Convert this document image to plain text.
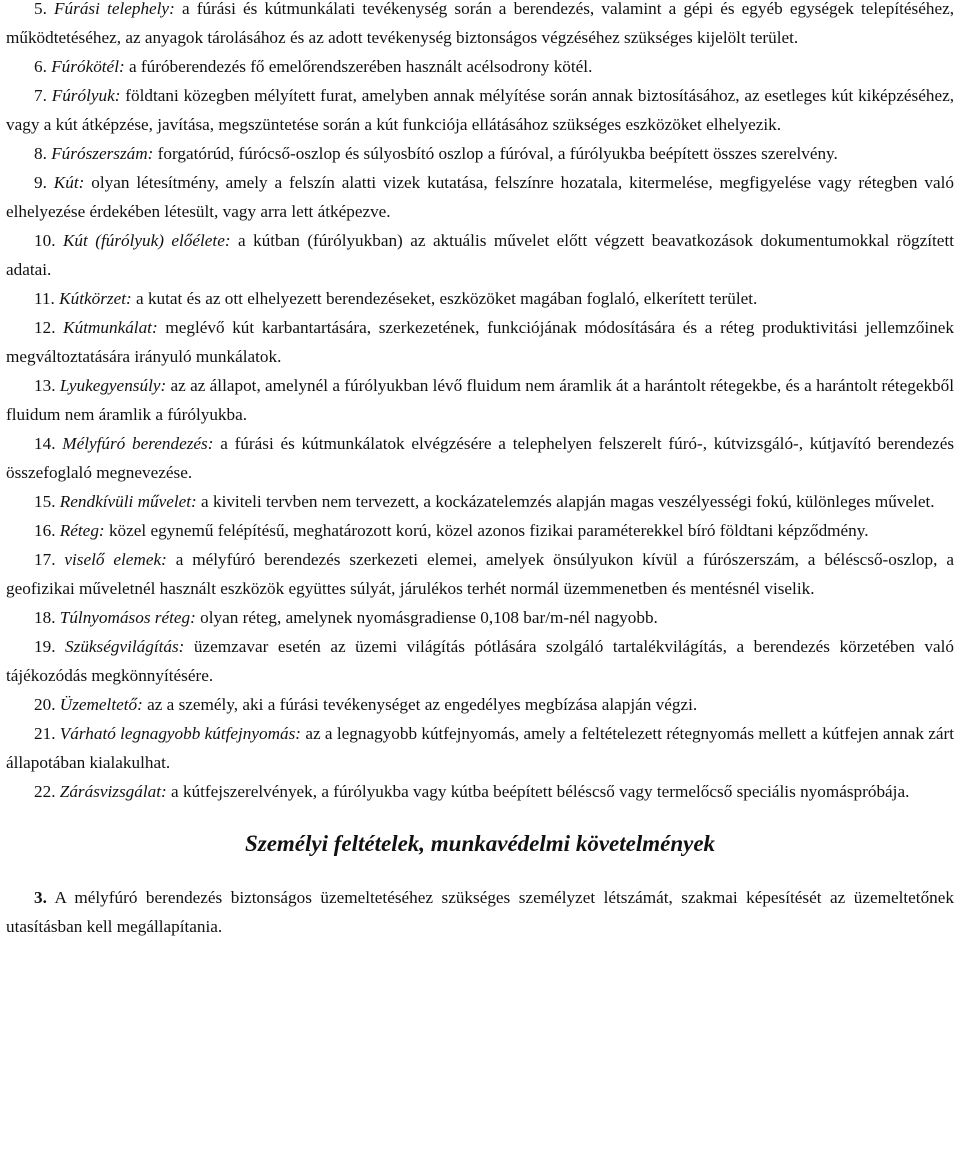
5. Fúrási telephely: a fúrási és kútmunkálati tevékenység során a berendezés, valamint a gépi és egyéb egységek telepítéséhez, működtetéséhez, az anyagok tárolásához és az adott tevékenység biztonságos végzéséhez szükséges kijelölt terület.

6. Fúrókötél: a fúróberendezés fő emelőrendszerében használt acélsodrony kötél.

7. Fúrólyuk: földtani közegben mélyített furat, amelyben annak mélyítése során annak biztosításához, az esetleges kút kiképzéséhez, vagy a kút átképzése, javítása, megszüntetése során a kút funkciója ellátásához szükséges eszközöket elhelyezik.

8. Fúrószerszám: forgatórúd, fúrócső-oszlop és súlyosbító oszlop a fúróval, a fúrólyukba beépített összes szerelvény.

9. Kút: olyan létesítmény, amely a felszín alatti vizek kutatása, felszínre hozatala, kitermelése, megfigyelése vagy rétegben való elhelyezése érdekében létesült, vagy arra lett átképezve.

10. Kút (fúrólyuk) előélete: a kútban (fúrólyukban) az aktuális művelet előtt végzett beavatkozások dokumentumokkal rögzített adatai.

11. Kútkörzet: a kutat és az ott elhelyezett berendezéseket, eszközöket magában foglaló, elkerített terület.

12. Kútmunkálat: meglévő kút karbantartására, szerkezetének, funkciójának módosítására és a réteg produktivitási jellemzőinek megváltoztatására irányuló munkálatok.

13. Lyukegyensúly: az az állapot, amelynél a fúrólyukban lévő fluidum nem áramlik át a harántolt rétegekbe, és a harántolt rétegekből fluidum nem áramlik a fúrólyukba.

14. Mélyfúró berendezés: a fúrási és kútmunkálatok elvégzésére a telephelyen felszerelt fúró-, kútvizsgáló-, kútjavító berendezés összefoglaló megnevezése.

15. Rendkívüli művelet: a kiviteli tervben nem tervezett, a kockázatelemzés alapján magas veszélyességi fokú, különleges művelet.

16. Réteg: közel egynemű felépítésű, meghatározott korú, közel azonos fizikai paraméterekkel bíró földtani képződmény.

17. viselő elemek: a mélyfúró berendezés szerkezeti elemei, amelyek önsúlyukon kívül a fúrószerszám, a béléscső-oszlop, a geofizikai műveletnél használt eszközök együttes súlyát, járulékos terhét normál üzemmenetben és mentésnél viselik.

18. Túlnyomásos réteg: olyan réteg, amelynek nyomásgradiense 0,108 bar/m-nél nagyobb.

19. Szükségvilágítás: üzemzavar esetén az üzemi világítás pótlására szolgáló tartalékvilágítás, a berendezés körzetében való tájékozódás megkönnyítésére.

20. Üzemeltető: az a személy, aki a fúrási tevékenységet az engedélyes megbízása alapján végzi.

21. Várható legnagyobb kútfejnyomás: az a legnagyobb kútfejnyomás, amely a feltételezett rétegnyomás mellett a kútfejen annak zárt állapotában kialakulhat.

22. Zárásvizsgálat: a kútfejszerelvények, a fúrólyukba vagy kútba beépített béléscső vagy termelőcső speciális nyomáspróbája.

Személyi feltételek, munkavédelmi követelmények

3. A mélyfúró berendezés biztonságos üzemeltetéséhez szükséges személyzet létszámát, szakmai képesítését az üzemeltetőnek utasításban kell megállapítania.
